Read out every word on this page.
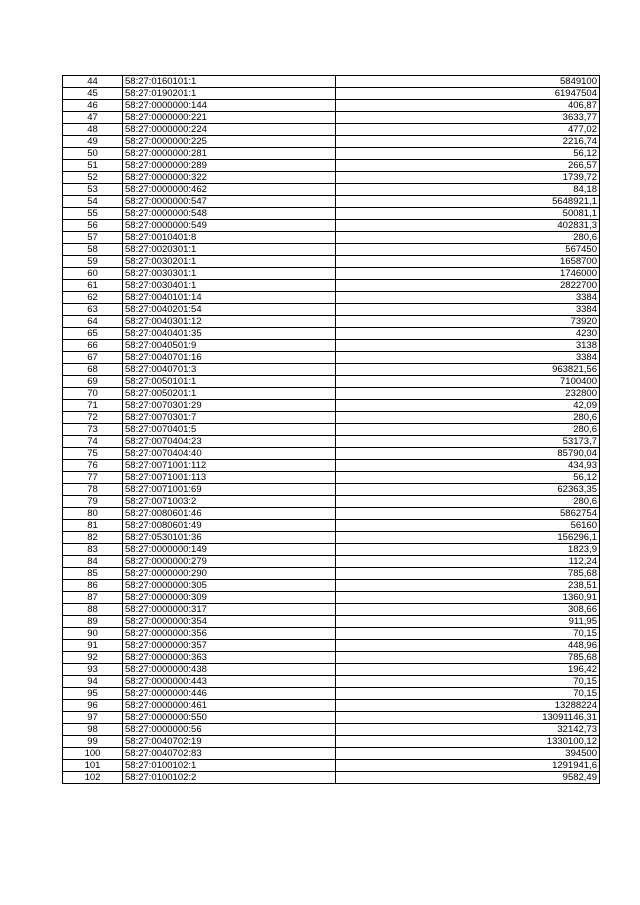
44	58:27:0160101:1	5849100
45	58:27:0190201:1	61947504
46	58:27:0000000:144	406,87
47	58:27:0000000:221	3633,77
48	58:27:0000000:224	477,02
49	58:27:0000000:225	2216,74
50	58:27:0000000:281	56,12
51	58:27:0000000:289	266,57
52	58:27:0000000:322	1739,72
53	58:27:0000000:462	84,18
54	58:27:0000000:547	5648921,1
55	58:27:0000000:548	50081,1
56	58:27:0000000:549	402831,3
57	58:27:0010401:8	280,6
58	58:27:0020301:1	567450
59	58:27:0030201:1	1658700
60	58:27:0030301:1	1746000
61	58:27:0030401:1	2822700
62	58:27:0040101:14	3384
63	58:27:0040201:54	3384
64	58:27:0040301:12	73920
65	58:27:0040401:35	4230
66	58:27:0040501:9	3138
67	58:27:0040701:16	3384
68	58:27:0040701:3	963821,56
69	58:27:0050101:1	7100400
70	58:27:0050201:1	232800
71	58:27:0070301:29	42,09
72	58:27:0070301:7	280,6
73	58:27:0070401:5	280,6
74	58:27:0070404:23	53173,7
75	58:27:0070404:40	85790,04
76	58:27:0071001:112	434,93
77	58:27:0071001:113	56,12
78	58:27:0071001:69	62363,35
79	58:27:0071003:2	280,6
80	58:27:0080601:46	5862754
81	58:27:0080601:49	56160
82	58:27:0530101:36	156296,1
83	58:27:0000000:149	1823,9
84	58:27:0000000:279	112,24
85	58:27:0000000:290	785,68
86	58:27:0000000:305	238,51
87	58:27:0000000:309	1360,91
88	58:27:0000000:317	308,66
89	58:27:0000000:354	911,95
90	58:27:0000000:356	70,15
91	58:27:0000000:357	448,96
92	58:27:0000000:363	785,68
93	58:27:0000000:438	196,42
94	58:27:0000000:443	70,15
95	58:27:0000000:446	70,15
96	58:27:0000000:461	13288224
97	58:27:0000000:550	13091146,31
98	58:27:0000000:56	32142,73
99	58:27:0040702:19	1330100,12
100	58:27:0040702:83	394500
101	58:27:0100102:1	1291941,6
102	58:27:0100102:2	9582,49
